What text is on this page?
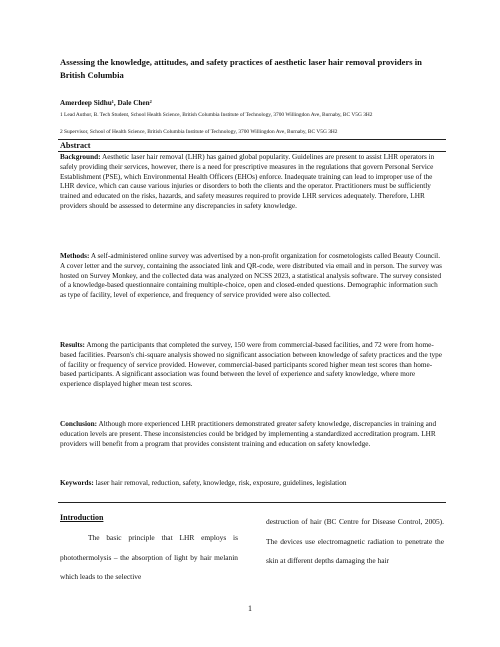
Assessing the knowledge, attitudes, and safety practices of aesthetic laser hair removal providers in British Columbia
Amerdeep Sidhu¹, Dale Chen²
1 Lead Author, B. Tech Student, School Health Science, British Columbia Institute of Technology, 3700 Willingdon Ave, Burnaby, BC V5G 3H2
2 Supervisor, School of Health Science, British Columbia Institute of Technology, 3700 Willingdon Ave, Burnaby, BC V5G 3H2
Abstract
Background: Aesthetic laser hair removal (LHR) has gained global popularity. Guidelines are present to assist LHR operators in safely providing their services, however, there is a need for prescriptive measures in the regulations that govern Personal Service Establishment (PSE), which Environmental Health Officers (EHOs) enforce. Inadequate training can lead to improper use of the LHR device, which can cause various injuries or disorders to both the clients and the operator. Practitioners must be sufficiently trained and educated on the risks, hazards, and safety measures required to provide LHR services adequately. Therefore, LHR providers should be assessed to determine any discrepancies in safety knowledge.
Methods: A self-administered online survey was advertised by a non-profit organization for cosmetologists called Beauty Council. A cover letter and the survey, containing the associated link and QR-code, were distributed via email and in person. The survey was hosted on Survey Monkey, and the collected data was analyzed on NCSS 2023, a statistical analysis software. The survey consisted of a knowledge-based questionnaire containing multiple-choice, open and closed-ended questions. Demographic information such as type of facility, level of experience, and frequency of service provided were also collected.
Results: Among the participants that completed the survey, 150 were from commercial-based facilities, and 72 were from home-based facilities. Pearson's chi-square analysis showed no significant association between knowledge of safety practices and the type of facility or frequency of service provided. However, commercial-based participants scored higher mean test scores than home-based participants. A significant association was found between the level of experience and safety knowledge, where more experience displayed higher mean test scores.
Conclusion: Although more experienced LHR practitioners demonstrated greater safety knowledge, discrepancies in training and education levels are present. These inconsistencies could be bridged by implementing a standardized accreditation program. LHR providers will benefit from a program that provides consistent training and education on safety knowledge.
Keywords: laser hair removal, reduction, safety, knowledge, risk, exposure, guidelines, legislation
Introduction
The basic principle that LHR employs is photothermolysis – the absorption of light by hair melanin which leads to the selective
destruction of hair (BC Centre for Disease Control, 2005). The devices use electromagnetic radiation to penetrate the skin at different depths damaging the hair
1
